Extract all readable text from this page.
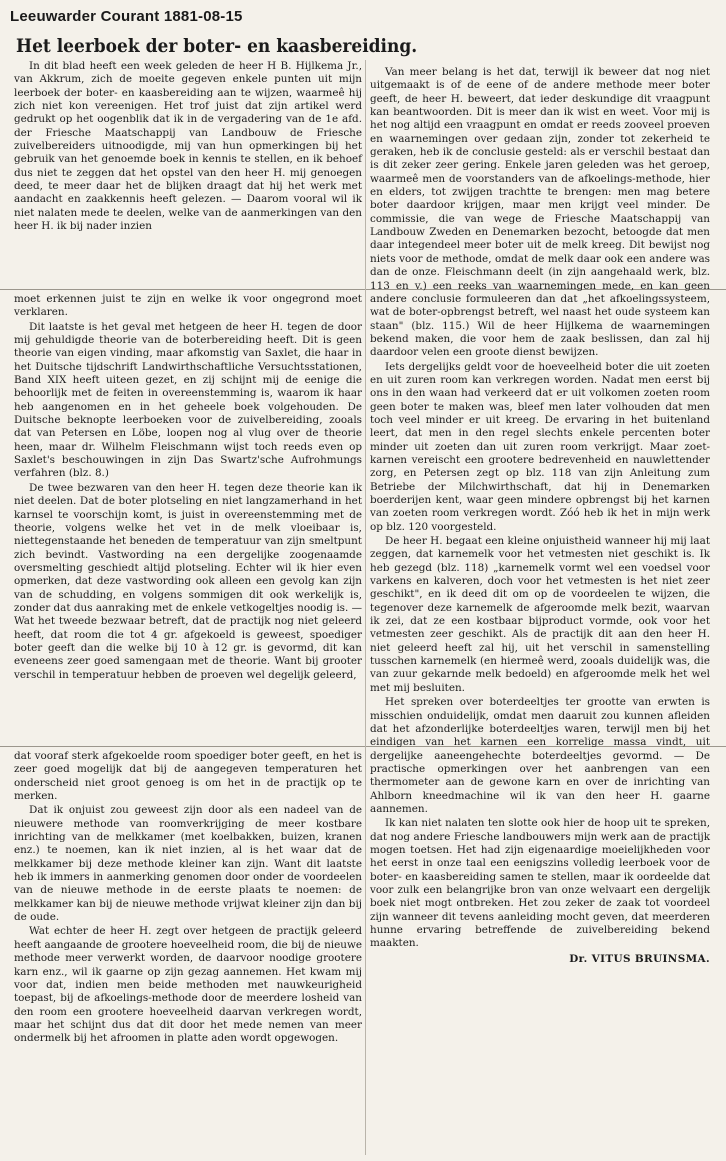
Leeuwarder Courant 1881-08-15
Het leerboek der boter- en kaasbereiding.

In dit blad heeft een week geleden de heer H B. Hijlkema Jr., van Akkrum, zich de moeite gegeven enkele punten uit mijn leerboek der boter- en kaasbereiding aan te wijzen, waarmeê hij zich niet kon vereenigen. Het trof juist dat zijn artikel werd gedrukt op het oogenblik dat ik in de vergadering van de 1e afd. der Friesche Maatschappij van Landbouw de Friesche zuivelbereiders uitnoodigde, mij van hun opmerkingen bij het gebruik van het genoemde boek in kennis te stellen, en ik behoef dus niet te zeggen dat het opstel van den heer H. mij genoegen deed, te meer daar het de blijken draagt dat hij het werk met aandacht en zaakkennis heeft gelezen. — Daarom vooral wil ik niet nalaten mede te deelen, welke van de aanmerkingen van den heer H. ik bij nader inzien

moet erkennen juist te zijn en welke ik voor ongegrond moet verklaren.

Dit laatste is het geval met hetgeen de heer H. tegen de door mij gehuldigde theorie van de boterbereiding heeft. Dit is geen theorie van eigen vinding, maar afkomstig van Saxlet, die haar in het Duitsche tijdschrift Landwirthschaftliche Versuchtsstationen, Band XIX heeft uiteen gezet, en zij schijnt mij de eenige die behoorlijk met de feiten in overeenstemming is, waarom ik haar heb aangenomen en in het geheele boek volgehouden. De Duitsche beknopte leerboeken voor de zuivelbereiding, zooals dat van Petersen en Löbe, loopen nog al vlug over de theorie heen, maar dr. Wilhelm Fleischmann wijst toch reeds even op Saxlet's beschouwingen in zijn Das Swartz'sche Aufrohmungs verfahren (blz. 8.)

De twee bezwaren van den heer H. tegen deze theorie kan ik niet deelen. Dat de boter plotseling en niet langzamerhand in het karnsel te voorschijn komt, is juist in overeenstemming met de theorie, volgens welke het vet in de melk vloeibaar is, niettegenstaande het beneden de temperatuur van zijn smeltpunt zich bevindt. Vastwording na een dergelijke zoogenaamde oversmelting geschiedt altijd plotseling. Echter wil ik hier even opmerken, dat deze vastwording ook alleen een gevolg kan zijn van de schudding, en volgens sommigen dit ook werkelijk is, zonder dat dus aanraking met de enkele vetkogeltjes noodig is. — Wat het tweede bezwaar betreft, dat de practijk nog niet geleerd heeft, dat room die tot 4 gr. afgekoeld is geweest, spoediger boter geeft dan die welke bij 10 à 12 gr. is gevormd, dit kan eveneens zeer goed samengaan met de theorie. Want bij grooter verschil in temperatuur hebben de proeven wel degelijk geleerd,

dat vooraf sterk afgekoelde room spoediger boter geeft, en het is zeer goed mogelijk dat bij de aangegeven temperaturen het onderscheid niet groot genoeg is om het in de practijk op te merken.

Dat ik onjuist zou geweest zijn door als een nadeel van de nieuwere methode van roomverkrijging de meer kostbare inrichting van de melkkamer (met koelbakken, buizen, kranen enz.) te noemen, kan ik niet inzien, al is het waar dat de melkkamer bij deze methode kleiner kan zijn. Want dit laatste heb ik immers in aanmerking genomen door onder de voordeelen van de nieuwe methode in de eerste plaats te noemen: de melkkamer kan bij de nieuwe methode vrijwat kleiner zijn dan bij de oude.

Wat echter de heer H. zegt over hetgeen de practijk geleerd heeft aangaande de grootere hoeveelheid room, die bij de nieuwe methode meer verwerkt worden, de daarvoor noodige grootere karn enz., wil ik gaarne op zijn gezag aannemen. Het kwam mij voor dat, indien men beide methoden met nauwkeurigheid toepast, bij de afkoelings-methode door de meerdere losheid van den room een grootere hoeveelheid daarvan verkregen wordt, maar het schijnt dus dat dit door het mede nemen van meer ondermelk bij het afroomen in platte aden wordt opgewogen.

Van meer belang is het dat, terwijl ik beweer dat nog niet uitgemaakt is of de eene of de andere methode meer boter geeft, de heer H. beweert, dat ieder deskundige dit vraagpunt kan beantwoorden. Dit is meer dan ik wist en weet. Voor mij is het nog altijd een vraagpunt en omdat er reeds zooveel proeven en waarnemingen over gedaan zijn, zonder tot zekerheid te geraken, heb ik de conclusie gesteld: als er verschil bestaat dan is dit zeker zeer gering. Enkele jaren geleden was het geroep, waarmeê men de voorstanders van de afkoelings-methode, hier en elders, tot zwijgen trachtte te brengen: men mag betere boter daardoor krijgen, maar men krijgt veel minder. De commissie, die van wege de Friesche Maatschappij van Landbouw Zweden en Denemarken bezocht, betoogde dat men daar integendeel meer boter uit de melk kreeg. Dit bewijst nog niets voor de methode, omdat de melk daar ook een andere was dan de onze. Fleischmann deelt (in zijn aangehaald werk, blz. 113 en v.) een reeks van waarnemingen mede, en kan geen andere conclusie formuleeren dan dat „het afkoelingssysteem, wat de boter-opbrengst betreft, wel naast het oude systeem kan staan" (blz. 115.) Wil de heer Hijlkema de waarnemingen bekend maken, die voor hem de zaak beslissen, dan zal hij daardoor velen een groote dienst bewijzen.

Iets dergelijks geldt voor de hoeveelheid boter die uit zoeten en uit zuren room kan verkregen worden. Nadat men eerst bij ons in den waan had verkeerd dat er uit volkomen zoeten room geen boter te maken was, bleef men later volhouden dat men toch veel minder er uit kreeg. De ervaring in het buitenland leert, dat men in den regel slechts enkele percenten boter minder uit zoeten dan uit zuren room verkrijgt. Maar zoet-karnen vereischt een grootere bedrevenheid en nauwlettender zorg, en Petersen zegt op blz. 118 van zijn Anleitung zum Betriebe der Milchwirthschaft, dat hij in Denemarken boerderijen kent, waar geen mindere opbrengst bij het karnen van zoeten room verkregen wordt. Zóó heb ik het in mijn werk op blz. 120 voorgesteld.

De heer H. begaat een kleine onjuistheid wanneer hij mij laat zeggen, dat karnemelk voor het vetmesten niet geschikt is. Ik heb gezegd (blz. 118) „karnemelk vormt wel een voedsel voor varkens en kalveren, doch voor het vetmesten is het niet zeer geschikt", en ik deed dit om op de voordeelen te wijzen, die tegenover deze karnemelk de afgeroomde melk bezit, waarvan ik zei, dat ze een kostbaar bijproduct vormde, ook voor het vetmesten zeer geschikt. Als de practijk dit aan den heer H. niet geleerd heeft zal hij, uit het verschil in samenstelling tusschen karnemelk (en hiermeê werd, zooals duidelijk was, die van zuur gekarnde melk bedoeld) en afgeroomde melk het wel met mij besluiten.

Het spreken over boterdeeltjes ter grootte van erwten is misschien onduidelijk, omdat men daaruit zou kunnen afleiden dat het afzonderlijke boterdeeltjes waren, terwijl men bij het eindigen van het karnen een korrelige massa vindt, uit dergelijke aaneengehechte boterdeeltjes gevormd. — De practische opmerkingen over het aanbrengen van een thermometer aan de gewone karn en over de inrichting van Ahlborn kneedmachine wil ik van den heer H. gaarne aannemen.

Ik kan niet nalaten ten slotte ook hier de hoop uit te spreken, dat nog andere Friesche landbouwers mijn werk aan de practijk mogen toetsen. Het had zijn eigenaardige moeielijkheden voor het eerst in onze taal een eenigszins volledig leerboek voor de boter- en kaasbereiding samen te stellen, maar ik oordeelde dat voor zulk een belangrijke bron van onze welvaart een dergelijk boek niet mogt ontbreken. Het zou zeker de zaak tot voordeel zijn wanneer dit tevens aanleiding mocht geven, dat meerderen hunne ervaring betreffende de zuivelbereiding bekend maakten.

Dr. VITUS BRUINSMA.
